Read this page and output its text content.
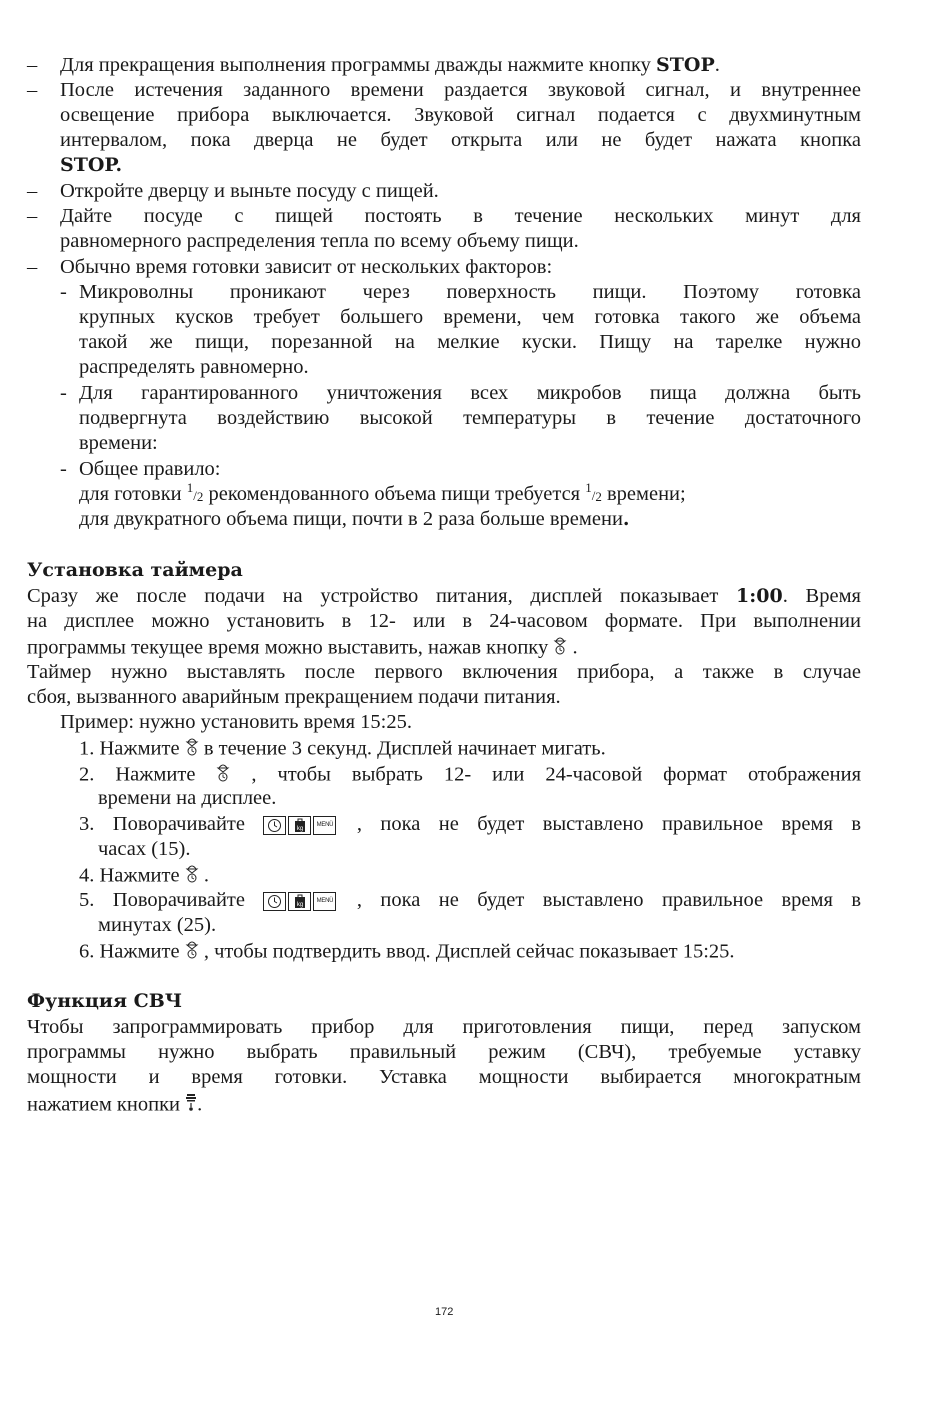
– Для прекращения выполнения программы дважды нажмите кнопку STOP.
– После истечения заданного времени раздается звуковой сигнал, и внутреннее
освещение прибора выключается. Звуковой сигнал подается с двухминутным
интервалом, пока дверца не будет открыта или не будет нажата кнопка
STOP.
– Откройте дверцу и выньте посуду с пищей.
– Дайте посуде с пищей постоять в течение нескольких минут для
равномерного распределения тепла по всему объему пищи.
– Обычно время готовки зависит от нескольких факторов:
- Микроволны проникают через поверхность пищи. Поэтому готовка
крупных кусков требует большего времени, чем готовка такого же объема
такой же пищи, порезанной на мелкие куски. Пищу на тарелке нужно
распределять равномерно.
- Для гарантированного уничтожения всех микробов пища должна быть
подвергнута воздействию высокой температуры в течение достаточного
времени:
- Общее правило:
для готовки 1/2 рекомендованного объема пищи требуется 1/2 времени;
для двукратного объема пищи, почти в 2 раза больше времени.
Установка таймера
Сразу же после подачи на устройство питания, дисплей показывает 1:00. Время
на дисплее можно установить в 12- или в 24-часовом формате. При выполнении
программы текущее время можно выставить, нажав кнопку  .
Таймер нужно выставлять после первого включения прибора, а также в случае
сбоя, вызванного аварийным прекращением подачи питания.
Пример: нужно установить время 15:25.
1. Нажмите  в течение 3 секунд. Дисплей начинает мигать.
2. Нажмите  , чтобы выбрать 12- или 24-часовой формат отображения
времени на дисплее.
3. Поворачивайте	kg
MENÜ , пока не будет выставлено правильное время в
часах (15).
4. Нажмите  .
5. Поворачивайте	kg
MENÜ , пока не будет выставлено правильное время в
минутах (25).
6. Нажмите  , чтобы подтвердить ввод. Дисплей сейчас показывает 15:25.
Функция СВЧ
Чтобы запрограммировать прибор для приготовления пищи, перед запуском
программы нужно выбрать правильный режим (СВЧ), требуемые уставку
мощности и время готовки. Уставка мощности выбирается многократным
нажатием кнопки .
172
